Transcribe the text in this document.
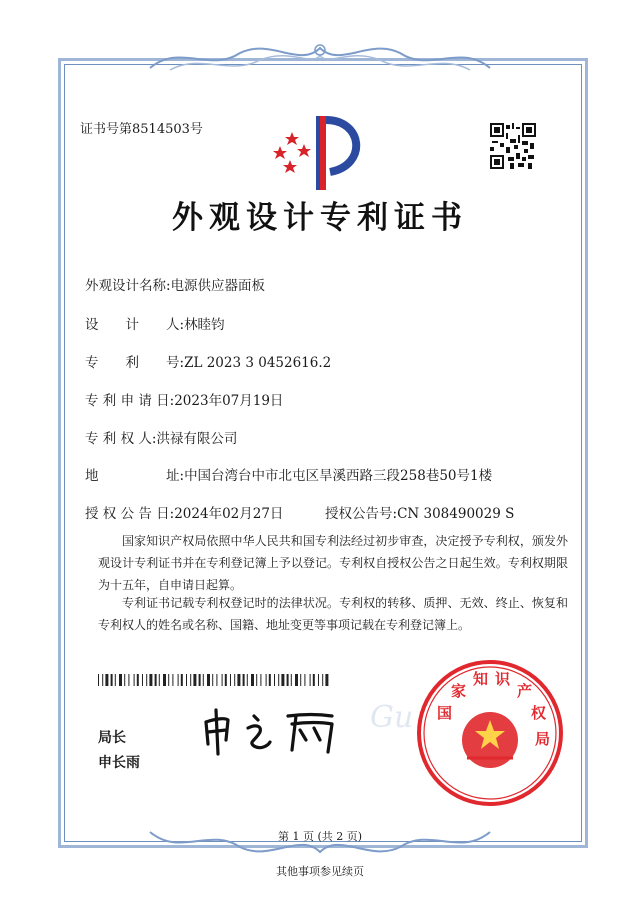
证书号第8514503号
外观设计专利证书
外观设计名称:电源供应器面板
设　　计　　人:林睦钧
专　　利　　号:ZL 2023 3 0452616.2
专 利 申 请 日:2023年07月19日
专 利 权 人:洪禄有限公司
地　　　　　址:中国台湾台中市北屯区旱溪西路三段258巷50号1楼
授 权 公 告 日:2024年02月27日	授权公告号:CN 308490029 S
国家知识产权局依照中华人民共和国专利法经过初步审查，决定授予专利权，颁发外观设计专利证书并在专利登记簿上予以登记。专利权自授权公告之日起生效。专利权期限为十五年，自申请日起算。
专利证书记载专利权登记时的法律状况。专利权的转移、质押、无效、终止、恢复和专利权人的姓名或名称、国籍、地址变更等事项记载在专利登记簿上。
Gu
局长
申长雨
国
家
知 识
产
权
局
第 1 页 (共 2 页)
其他事项参见续页
